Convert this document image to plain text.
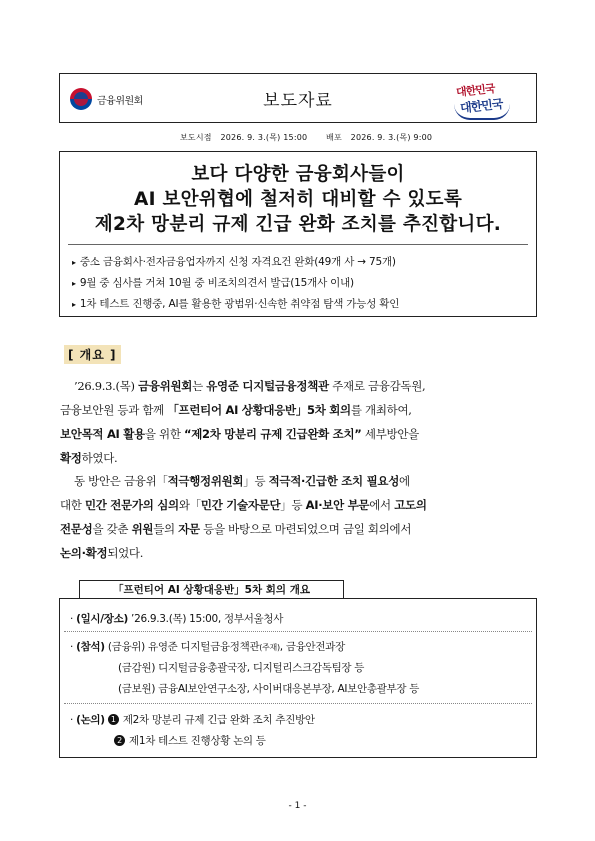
금융위원회	보도자료
대한민국
대한민국
보도시점 2026. 9. 3.(목) 15:00 배포 2026. 9. 3.(목) 9:00
보다 다양한 금융회사들이
AI 보안위협에 철저히 대비할 수 있도록
제2차 망분리 규제 긴급 완화 조치를 추진합니다.
▸ 중소 금융회사·전자금융업자까지 신청 자격요건 완화(49개 사 → 75개)
▸ 9월 중 심사를 거쳐 10월 중 비조치의견서 발급(15개사 이내)
▸ 1차 테스트 진행중, AI를 활용한 광범위·신속한 취약점 탐색 가능성 확인
[ 개요 ]
’26.9.3.(목) 금융위원회는 유영준 디지털금융정책관 주재로 금융감독원,
금융보안원 등과 함께 「프런티어 AI 상황대응반」5차 회의를 개최하여,
보안목적 AI 활용을 위한 “제2차 망분리 규제 긴급완화 조치” 세부방안을
확정하였다.
동 방안은 금융위「적극행정위원회」등 적극적·긴급한 조치 필요성에
대한 민간 전문가의 심의와「민간 기술자문단」등 AI·보안 부문에서 고도의
전문성을 갖춘 위원들의 자문 등을 바탕으로 마련되었으며 금일 회의에서
논의·확정되었다.
「프런티어 AI 상황대응반」5차 회의 개요
· (일시/장소) ’26.9.3.(목) 15:00, 정부서울청사
· (참석) (금융위) 유영준 디지털금융정책관(주재), 금융안전과장
(금감원) 디지털금융총괄국장, 디지털리스크감독팀장 등
(금보원) 금융AI보안연구소장, 사이버대응본부장, AI보안총괄부장 등
· (논의) 1 제2차 망분리 규제 긴급 완화 조치 추진방안
2 제1차 테스트 진행상황 논의 등
- 1 -
